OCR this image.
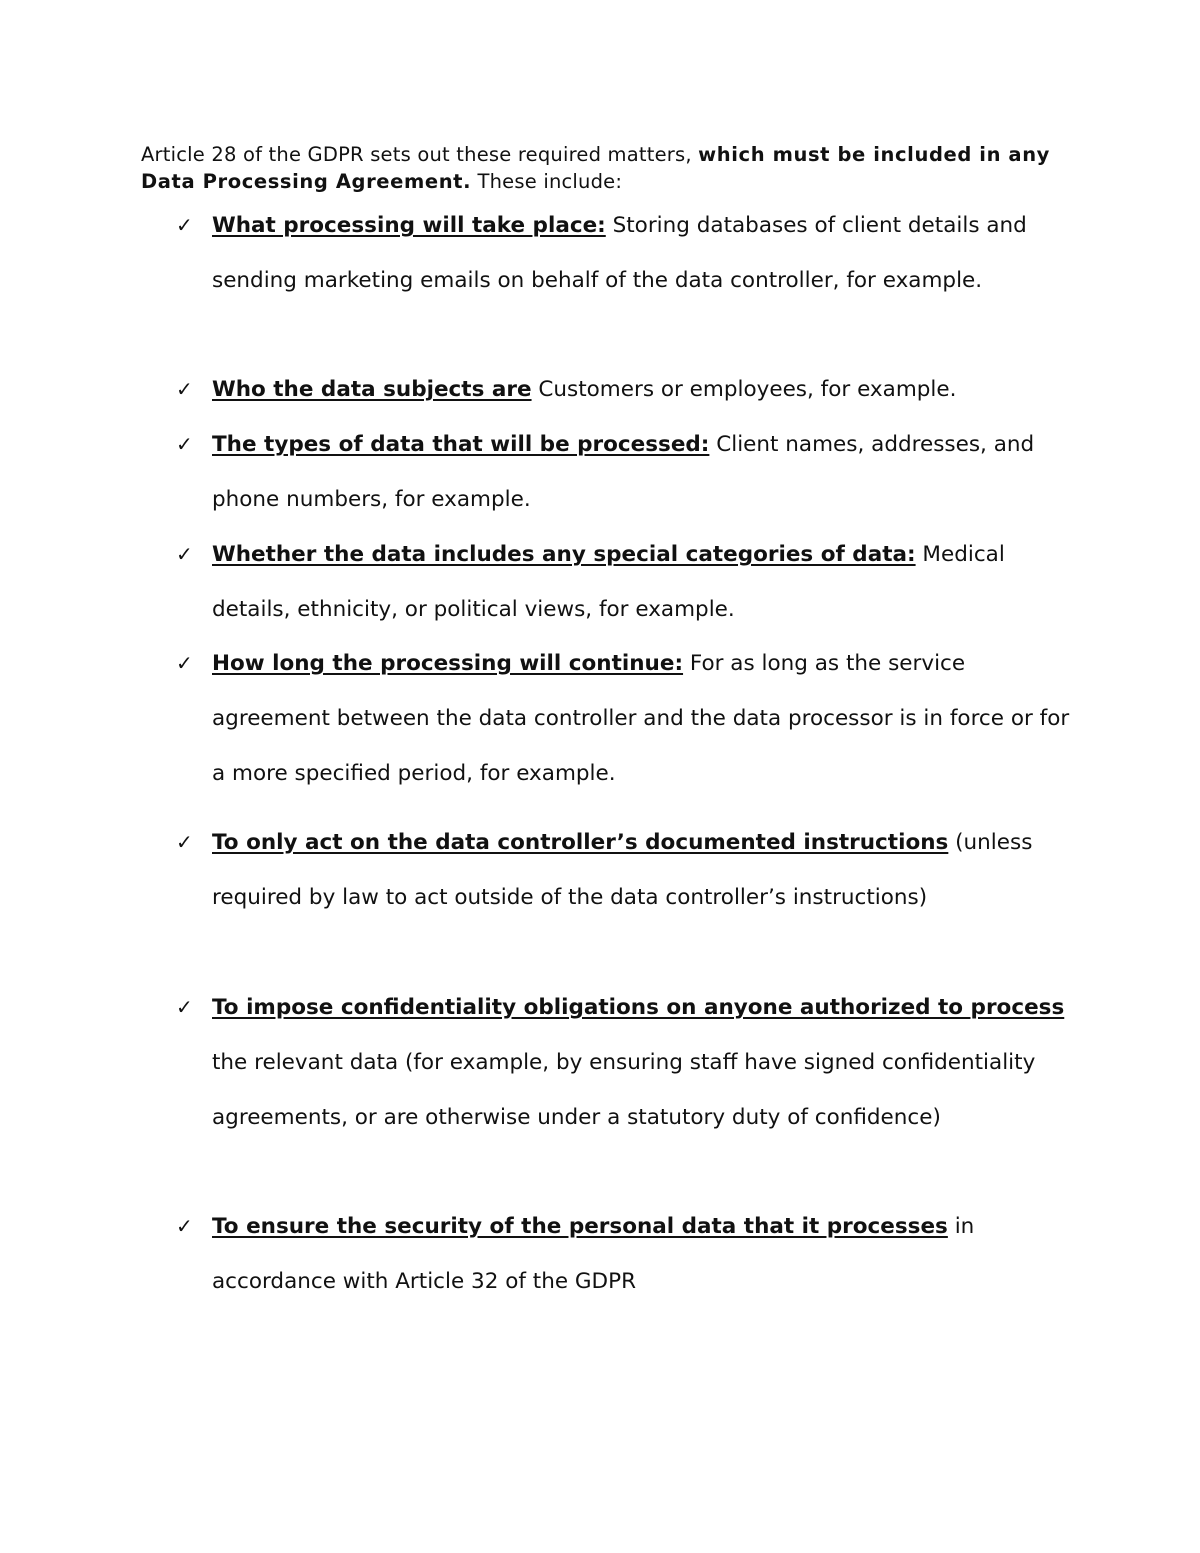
Article 28 of the GDPR sets out these required matters, which must be included in any Data Processing Agreement. These include:

✓ What processing will take place: Storing databases of client details and sending marketing emails on behalf of the data controller, for example.
✓ Who the data subjects are Customers or employees, for example.
✓ The types of data that will be processed: Client names, addresses, and phone numbers, for example.
✓ Whether the data includes any special categories of data: Medical details, ethnicity, or political views, for example.
✓ How long the processing will continue: For as long as the service agreement between the data controller and the data processor is in force or for a more specified period, for example.
✓ To only act on the data controller’s documented instructions (unless required by law to act outside of the data controller’s instructions)
✓ To impose confidentiality obligations on anyone authorized to process the relevant data (for example, by ensuring staff have signed confidentiality agreements, or are otherwise under a statutory duty of confidence)
✓ To ensure the security of the personal data that it processes in accordance with Article 32 of the GDPR
